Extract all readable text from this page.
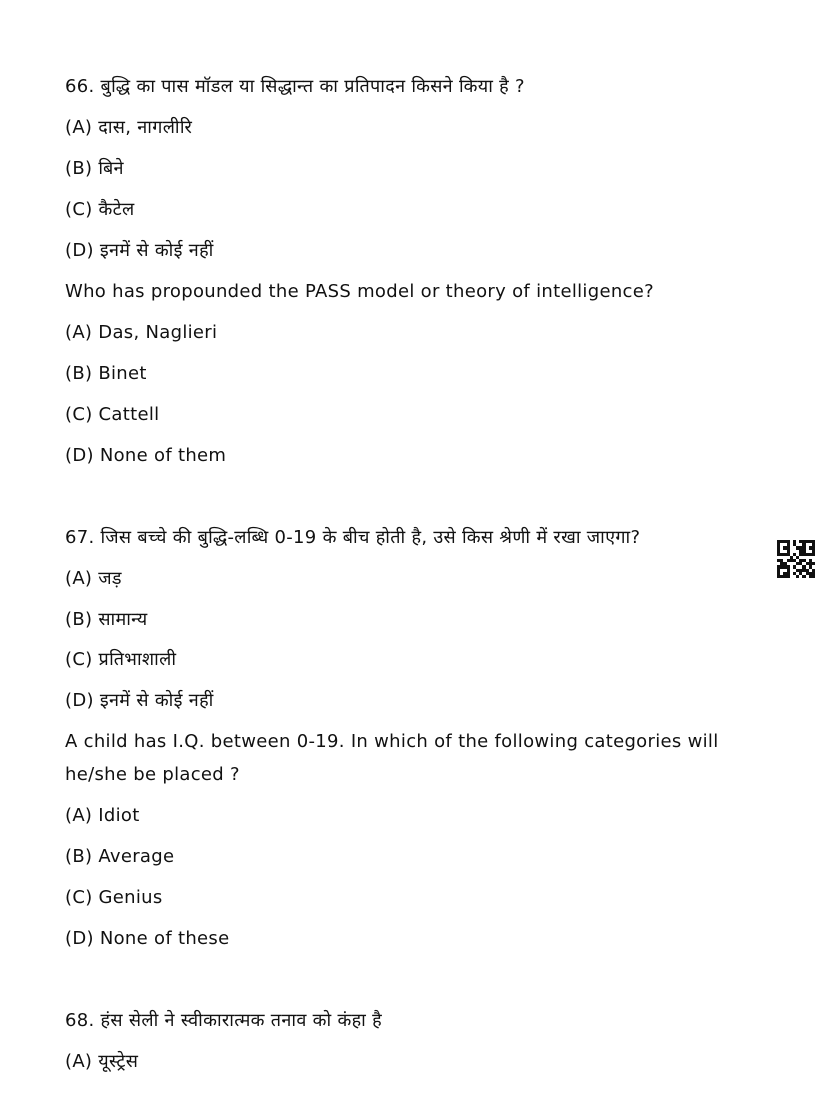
66. बुद्धि का पास मॉडल या सिद्धान्त का प्रतिपादन किसने किया है ?
(A) दास, नागलीरि
(B) बिने
(C) कैटेल
(D) इनमें से कोई नहीं
Who has propounded the PASS model or theory of intelligence?
(A) Das, Naglieri
(B) Binet
(C) Cattell
(D) None of them
67. जिस बच्चे की बुद्धि-लब्धि 0-19 के बीच होती है, उसे किस श्रेणी में रखा जाएगा?
(A) जड़
(B) सामान्य
(C) प्रतिभाशाली
(D) इनमें से कोई नहीं
A child has I.Q. between 0-19. In which of the following categories will
he/she be placed ?
(A) Idiot
(B) Average
(C) Genius
(D) None of these
68. हंस सेली ने स्वीकारात्मक तनाव को कंहा है
(A) यूस्ट्रेस
